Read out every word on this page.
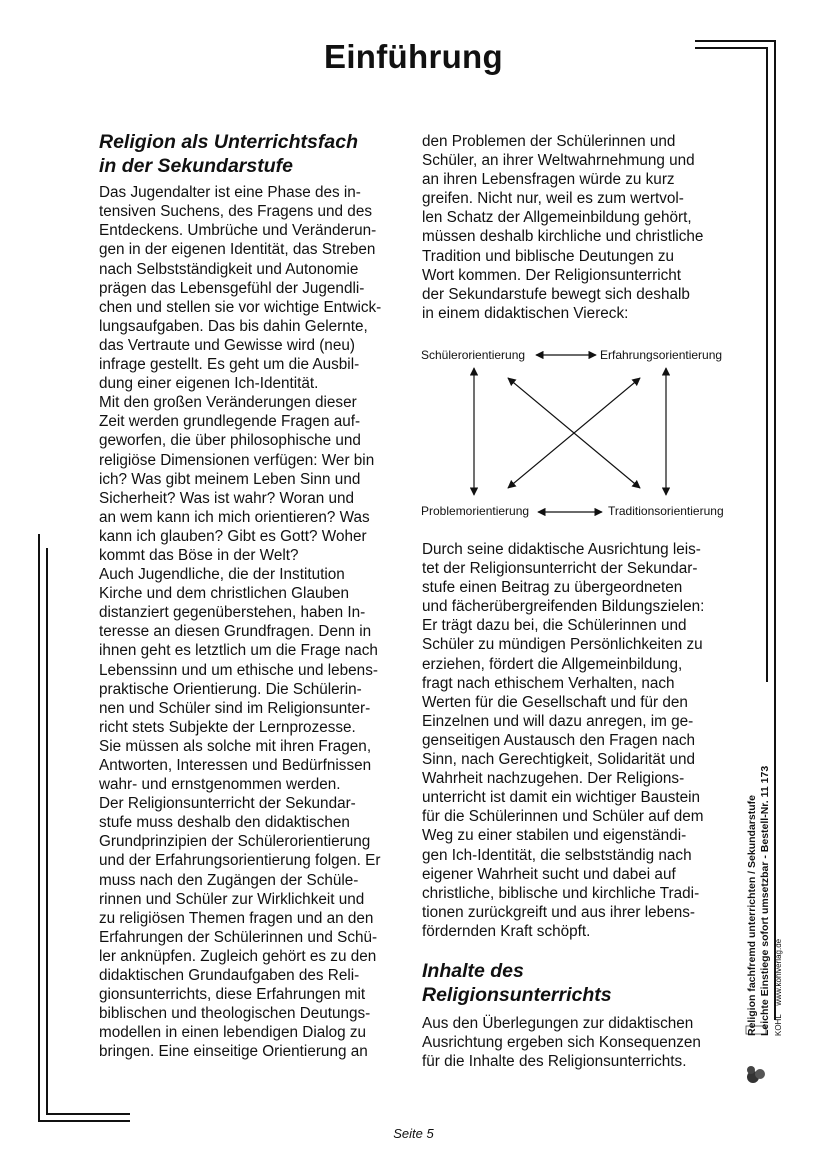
Einführung
Religion als Unterrichtsfach
in der Sekundarstufe

Das Jugendalter ist eine Phase des in-
tensiven Suchens, des Fragens und des
Entdeckens. Umbrüche und Veränderun-
gen in der eigenen Identität, das Streben
nach Selbstständigkeit und Autonomie
prägen das Lebensgefühl der Jugendli-
chen und stellen sie vor wichtige Entwick-
lungsaufgaben. Das bis dahin Gelernte,
das Vertraute und Gewisse wird (neu)
infrage gestellt. Es geht um die Ausbil-
dung einer eigenen Ich-Identität.
Mit den großen Veränderungen dieser
Zeit werden grundlegende Fragen auf-
geworfen, die über philosophische und
religiöse Dimensionen verfügen: Wer bin
ich? Was gibt meinem Leben Sinn und
Sicherheit? Was ist wahr? Woran und
an wem kann ich mich orientieren? Was
kann ich glauben? Gibt es Gott? Woher
kommt das Böse in der Welt?
Auch Jugendliche, die der Institution
Kirche und dem christlichen Glauben
distanziert gegenüberstehen, haben In-
teresse an diesen Grundfragen. Denn in
ihnen geht es letztlich um die Frage nach
Lebenssinn und um ethische und lebens-
praktische Orientierung. Die Schülerin-
nen und Schüler sind im Religionsunter-
richt stets Subjekte der Lernprozesse.
Sie müssen als solche mit ihren Fragen,
Antworten, Interessen und Bedürfnissen
wahr- und ernstgenommen werden.
Der Religionsunterricht der Sekundar-
stufe muss deshalb den didaktischen
Grundprinzipien der Schülerorientierung
und der Erfahrungsorientierung folgen. Er
muss nach den Zugängen der Schüle-
rinnen und Schüler zur Wirklichkeit und
zu religiösen Themen fragen und an den
Erfahrungen der Schülerinnen und Schü-
ler anknüpfen. Zugleich gehört es zu den
didaktischen Grundaufgaben des Reli-
gionsunterrichts, diese Erfahrungen mit
biblischen und theologischen Deutungs-
modellen in einen lebendigen Dialog zu
bringen. Eine einseitige Orientierung an

den Problemen der Schülerinnen und
Schüler, an ihrer Weltwahrnehmung und
an ihren Lebensfragen würde zu kurz
greifen. Nicht nur, weil es zum wertvol-
len Schatz der Allgemeinbildung gehört,
müssen deshalb kirchliche und christliche
Tradition und biblische Deutungen zu
Wort kommen. Der Religionsunterricht
der Sekundarstufe bewegt sich deshalb
in einem didaktischen Viereck:

Schülerorientierung	Erfahrungsorientierung
Problemorientierung	Traditionsorientierung

Durch seine didaktische Ausrichtung leis-
tet der Religionsunterricht der Sekundar-
stufe einen Beitrag zu übergeordneten
und fächerübergreifenden Bildungszielen:
Er trägt dazu bei, die Schülerinnen und
Schüler zu mündigen Persönlichkeiten zu
erziehen, fördert die Allgemeinbildung,
fragt nach ethischem Verhalten, nach
Werten für die Gesellschaft und für den
Einzelnen und will dazu anregen, im ge-
genseitigen Austausch den Fragen nach
Sinn, nach Gerechtigkeit, Solidarität und
Wahrheit nachzugehen. Der Religions-
unterricht ist damit ein wichtiger Baustein
für die Schülerinnen und Schüler auf dem
Weg zu einer stabilen und eigenständi-
gen Ich-Identität, die selbstständig nach
eigener Wahrheit sucht und dabei auf
christliche, biblische und kirchliche Tradi-
tionen zurückgreift und aus ihrer lebens-
fördernden Kraft schöpft.

Inhalte des
Religionsunterrichts

Aus den Überlegungen zur didaktischen
Ausrichtung ergeben sich Konsequenzen
für die Inhalte des Religionsunterrichts.

Religion fachfremd unterrichten / Sekundarstufe Leichte Einstiege sofort umsetzbar - Bestell-Nr. 11 173 KOHL    www.kohlverlag.de
Seite 5
